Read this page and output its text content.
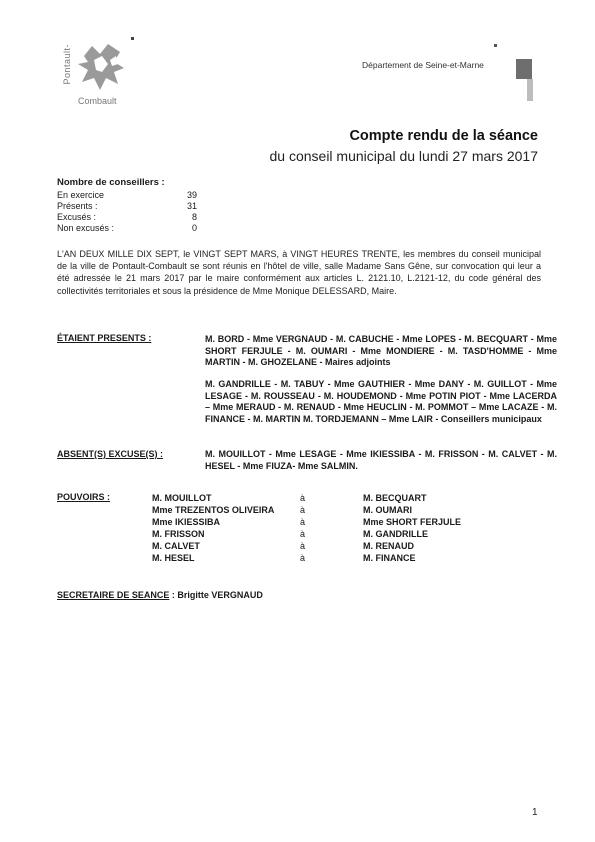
Pontault-
Combault
Département de Seine-et-Marne
Compte rendu de la séance
du conseil municipal du lundi 27 mars 2017
Nombre de conseillers :
En exercice	39
Présents :	31
Excusés :	8
Non excusés :	0
L'AN DEUX MILLE DIX SEPT, le VINGT SEPT MARS, à VINGT HEURES TRENTE, les membres du conseil municipal de la ville de Pontault-Combault se sont réunis en l'hôtel de ville, salle Madame Sans Gêne, sur convocation qui leur a été adressée le 21 mars 2017 par le maire conformément aux articles L. 2121.10, L.2121-12, du code général des collectivités territoriales et sous la présidence de Mme Monique DELESSARD, Maire.
ÉTAIENT PRESENTS :	M. BORD - Mme VERGNAUD - M. CABUCHE - Mme LOPES - M. BECQUART - Mme SHORT FERJULE - M. OUMARI - Mme MONDIERE - M. TASD'HOMME - Mme MARTIN - M. GHOZELANE - Maires adjoints
M. GANDRILLE - M. TABUY - Mme GAUTHIER - Mme DANY - M. GUILLOT - Mme LESAGE - M. ROUSSEAU - M. HOUDEMOND - Mme POTIN PIOT - Mme LACERDA – Mme MERAUD - M. RENAUD - Mme HEUCLIN - M. POMMOT – Mme LACAZE - M. FINANCE - M. MARTIN M. TORDJEMANN – Mme LAIR - Conseillers municipaux
ABSENT(S) EXCUSE(S) :	M. MOUILLOT - Mme LESAGE - Mme IKIESSIBA - M. FRISSON - M. CALVET - M. HESEL - Mme FIUZA- Mme SALMIN.
POUVOIRS :	M. MOUILLOT	à	M. BECQUART
Mme TREZENTOS OLIVEIRA	à	M. OUMARI
Mme IKIESSIBA	à	Mme SHORT FERJULE
M. FRISSON	à	M. GANDRILLE
M. CALVET	à	M. RENAUD
M. HESEL	à	M. FINANCE
SECRETAIRE DE SEANCE : Brigitte VERGNAUD
1
